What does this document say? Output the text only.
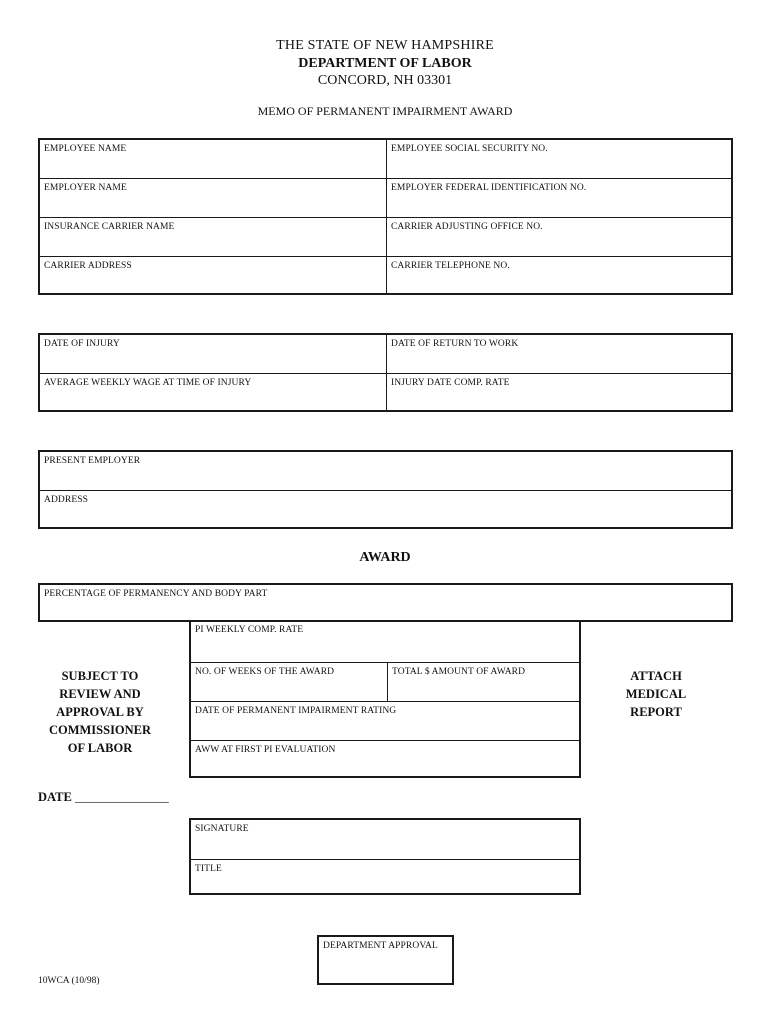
THE STATE OF NEW HAMPSHIRE
DEPARTMENT OF LABOR
CONCORD, NH 03301
MEMO OF PERMANENT IMPAIRMENT AWARD
EMPLOYEE NAME	EMPLOYEE SOCIAL SECURITY NO.
EMPLOYER NAME	EMPLOYER FEDERAL IDENTIFICATION NO.
INSURANCE CARRIER NAME	CARRIER ADJUSTING OFFICE NO.
CARRIER ADDRESS	CARRIER TELEPHONE NO.
DATE OF INJURY	DATE OF RETURN TO WORK
AVERAGE WEEKLY WAGE AT TIME OF INJURY	INJURY DATE COMP. RATE
PRESENT EMPLOYER
ADDRESS
AWARD
PERCENTAGE OF PERMANENCY AND BODY PART
PI WEEKLY COMP. RATE
NO. OF WEEKS OF THE AWARD	TOTAL $ AMOUNT OF AWARD
DATE OF PERMANENT IMPAIRMENT RATING
AWW AT FIRST PI EVALUATION
SUBJECT TO
REVIEW AND
APPROVAL BY
COMMISSIONER
OF LABOR
ATTACH
MEDICAL
REPORT
DATE _______________
SIGNATURE
TITLE
DEPARTMENT APPROVAL
10WCA (10/98)
